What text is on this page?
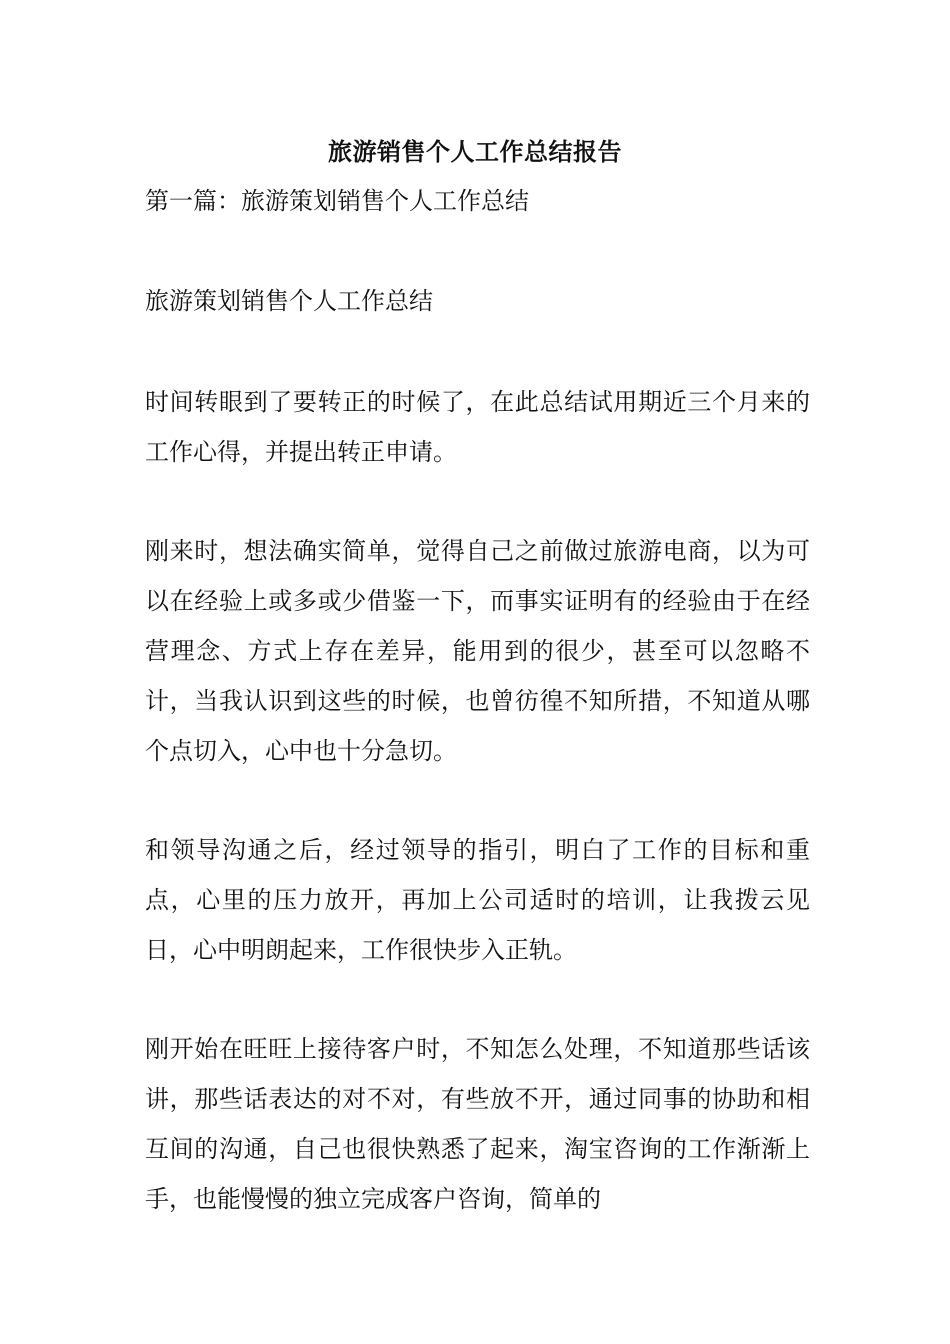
旅游销售个人工作总结报告
第一篇：旅游策划销售个人工作总结
旅游策划销售个人工作总结

时间转眼到了要转正的时候了，在此总结试用期近三个月来的工作心得，并提出转正申请。

刚来时，想法确实简单，觉得自己之前做过旅游电商，以为可以在经验上或多或少借鉴一下，而事实证明有的经验由于在经营理念、方式上存在差异，能用到的很少，甚至可以忽略不计，当我认识到这些的时候，也曾彷徨不知所措，不知道从哪个点切入，心中也十分急切。

和领导沟通之后，经过领导的指引，明白了工作的目标和重点，心里的压力放开，再加上公司适时的培训，让我拨云见日，心中明朗起来，工作很快步入正轨。

刚开始在旺旺上接待客户时，不知怎么处理，不知道那些话该讲，那些话表达的对不对，有些放不开，通过同事的协助和相互间的沟通，自己也很快熟悉了起来，淘宝咨询的工作渐渐上手，也能慢慢的独立完成客户咨询，简单的
